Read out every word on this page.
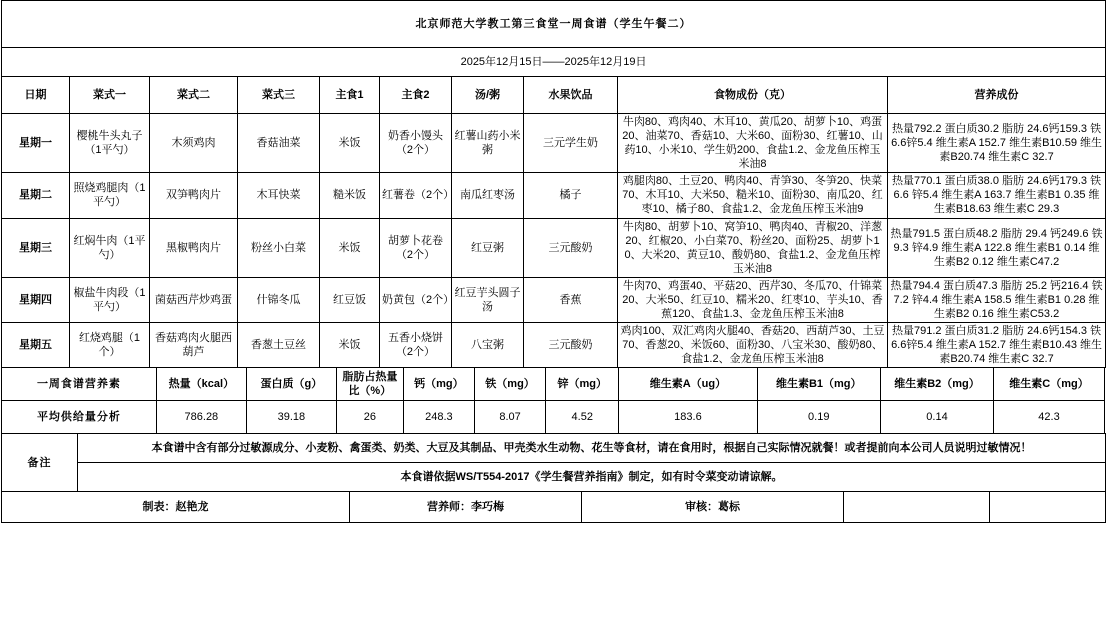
北京师范大学教工第三食堂一周食谱（学生午餐二）									
2025年12月15日——2025年12月19日									
日期	菜式一	菜式二	菜式三	主食1	主食2	汤/粥	水果饮品	食物成份（克）	营养成份
星期一	樱桃牛头丸子（1平勺）	木须鸡肉	香菇油菜	米饭	奶香小馒头（2个）	红薯山药小米粥	三元学生奶	牛肉80、鸡肉40、木耳10、黄瓜20、胡萝卜10、鸡蛋20、油菜70、香菇10、大米60、面粉30、红薯10、山药10、小米10、学生奶200、食盐1.2、金龙鱼压榨玉米油8	热量792.2 蛋白质30.2 脂肪 24.6钙159.3 铁6.6锌5.4 维生素A 152.7 维生素B10.59 维生素B20.74 维生素C 32.7
星期二	照烧鸡腿肉（1平勺）	双笋鸭肉片	木耳快菜	糙米饭	红薯卷（2个）	南瓜红枣汤	橘子	鸡腿肉80、土豆20、鸭肉40、青笋30、冬笋20、快菜70、木耳10、大米50、糙米10、面粉30、南瓜20、红枣10、橘子80、食盐1.2、金龙鱼压榨玉米油9	热量770.1 蛋白质38.0 脂肪 24.6钙179.3 铁6.6 锌5.4 维生素A 163.7 维生素B1 0.35 维生素B18.63 维生素C 29.3
星期三	红焖牛肉（1平勺）	黑椒鸭肉片	粉丝小白菜	米饭	胡萝卜花卷（2个）	红豆粥	三元酸奶	牛肉80、胡萝卜10、窝笋10、鸭肉40、青椒20、洋葱20、红椒20、小白菜70、粉丝20、面粉25、胡萝卜10、大米20、黄豆10、酸奶80、食盐1.2、金龙鱼压榨玉米油8	热量791.5 蛋白质48.2 脂肪 29.4 钙249.6 铁9.3 锌4.9 维生素A 122.8 维生素B1 0.14 维生素B2 0.12 维生素C47.2
星期四	椒盐牛肉段（1平勺）	菌菇西芹炒鸡蛋	什锦冬瓜	红豆饭	奶黄包（2个）	红豆芋头圆子汤	香蕉	牛肉70、鸡蛋40、平菇20、西芹30、冬瓜70、什锦菜20、大米50、红豆10、糯米20、红枣10、芋头10、香蕉120、食盐1.3、金龙鱼压榨玉米油8	热量794.4 蛋白质47.3 脂肪 25.2 钙216.4 铁7.2 锌4.4 维生素A 158.5 维生素B1 0.28 维生素B2 0.16 维生素C53.2
星期五	红烧鸡腿（1个）	香菇鸡肉火腿西葫芦	香葱土豆丝	米饭	五香小烧饼（2个）	八宝粥	三元酸奶	鸡肉100、双汇鸡肉火腿40、香菇20、西葫芦30、土豆70、香葱20、米饭60、面粉30、八宝米30、酸奶80、食盐1.2、金龙鱼压榨玉米油8	热量791.2 蛋白质31.2 脂肪 24.6钙154.3 铁6.6锌5.4 维生素A 152.7 维生素B10.43 维生素B20.74 维生素C 32.7
一周食谱营养素	热量（kcal）	蛋白质（g）	脂肪占热量比（%）	钙（mg）	铁（mg）	锌（mg）	维生素A（ug）	维生素B1（mg）	维生素B2（mg）	维生素C（mg）
平均供给量分析	786.28	39.18	26	248.3	8.07	4.52	183.6	0.19	0.14	42.3
备注	本食谱中含有部分过敏源成分、小麦粉、禽蛋类、奶类、大豆及其制品、甲壳类水生动物、花生等食材，请在食用时，根据自己实际情况就餐！或者提前向本公司人员说明过敏情况！				
	本食谱依据WS/T554-2017《学生餐营养指南》制定，如有时令菜变动请谅解。				
制表：赵艳龙		营养师：李巧梅	审核：葛标		
